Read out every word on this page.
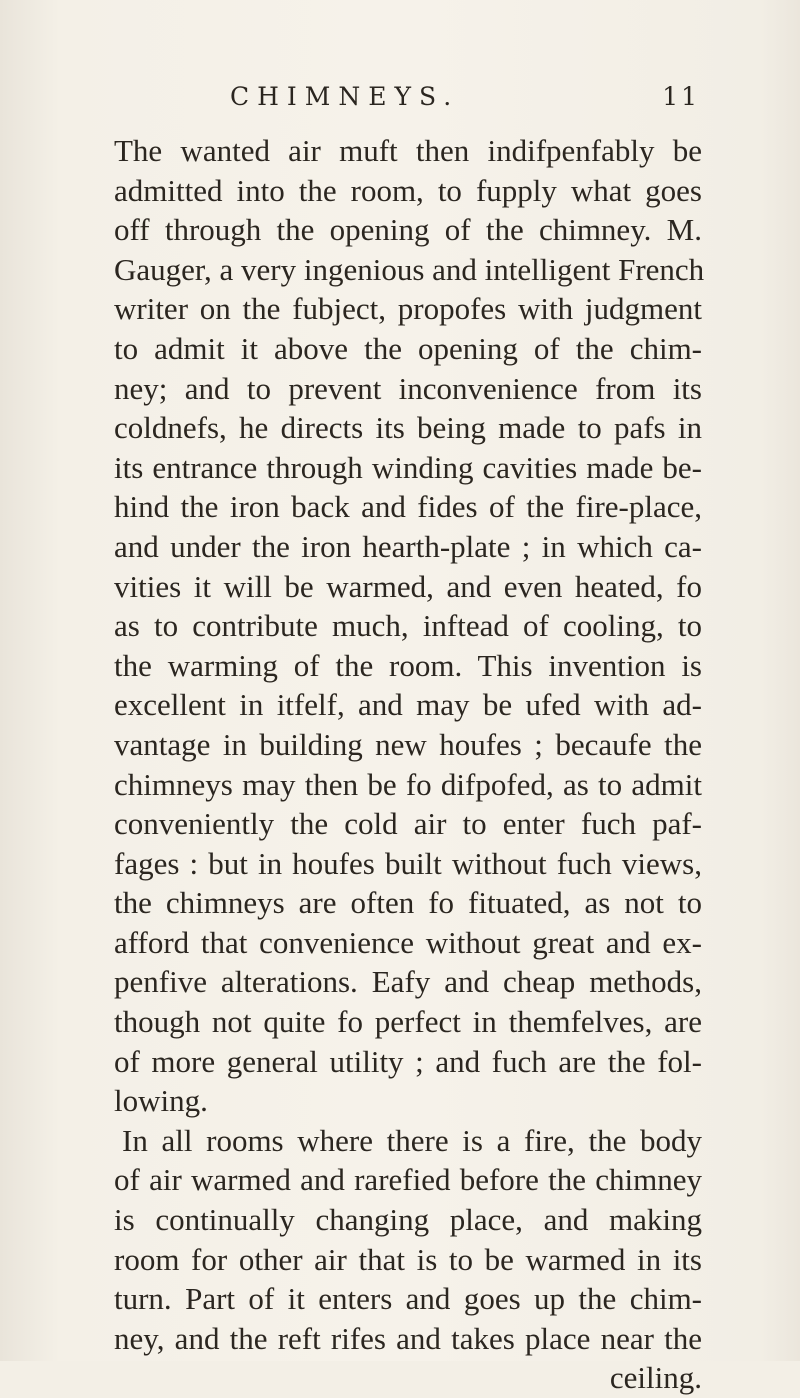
CHIMNEYS.	11
The wanted air muft then indifpenfably be
admitted into the room, to fupply what goes
off through the opening of the chimney. M.
Gauger, a very ingenious and intelligent French
writer on the fubject, propofes with judgment
to admit it above the opening of the chim-
ney; and to prevent inconvenience from its
coldnefs, he directs its being made to pafs in
its entrance through winding cavities made be-
hind the iron back and fides of the fire-place,
and under the iron hearth-plate ; in which ca-
vities it will be warmed, and even heated, fo
as to contribute much, inftead of cooling, to
the warming of the room. This invention is
excellent in itfelf, and may be ufed with ad-
vantage in building new houfes ; becaufe the
chimneys may then be fo difpofed, as to admit
conveniently the cold air to enter fuch paf-
fages : but in houfes built without fuch views,
the chimneys are often fo fituated, as not to
afford that convenience without great and ex-
penfive alterations. Eafy and cheap methods,
though not quite fo perfect in themfelves, are
of more general utility ; and fuch are the fol-
lowing.
In all rooms where there is a fire, the body
of air warmed and rarefied before the chimney
is continually changing place, and making
room for other air that is to be warmed in its
turn. Part of it enters and goes up the chim-
ney, and the reft rifes and takes place near the
ceiling.
